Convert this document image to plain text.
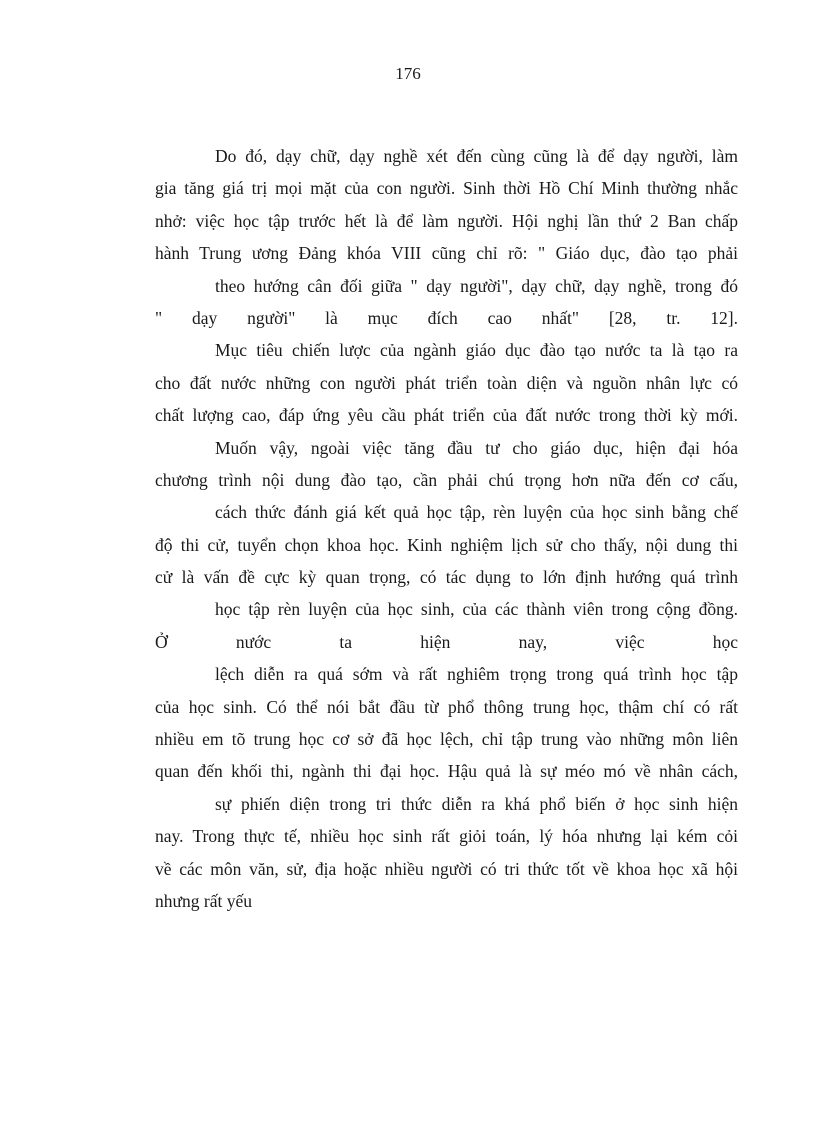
176
Do đó, dạy chữ, dạy nghề xét đến cùng cũng là để dạy người, làm
gia tăng giá trị mọi mặt của con người. Sinh thời Hồ Chí Minh thường nhắc
nhở: việc học tập trước hết là để làm người. Hội nghị lần thứ 2 Ban chấp
hành Trung ương Đảng khóa VIII cũng chỉ rõ: " Giáo dục, đào tạo phải
theo hướng cân đối giữa " dạy người", dạy chữ, dạy nghề, trong đó
" dạy người" là mục đích cao nhất" [28, tr. 12].
Mục tiêu chiến lược của ngành giáo dục đào tạo nước ta là tạo ra
cho đất nước những con người phát triển toàn diện và nguồn nhân lực có
chất lượng cao, đáp ứng yêu cầu phát triển của đất nước trong thời kỳ mới.
Muốn vậy, ngoài việc tăng đầu tư cho giáo dục, hiện đại hóa
chương trình nội dung đào tạo, cần phải chú trọng hơn nữa đến cơ cấu,
cách thức đánh giá kết quả học tập, rèn luyện của học sinh bằng chế
độ thi cử, tuyển chọn khoa học. Kinh nghiệm lịch sử cho thấy, nội dung thi
cử là vấn đề cực kỳ quan trọng, có tác dụng to lớn định hướng quá trình
học tập rèn luyện của học sinh, của các thành viên trong cộng đồng.
Ở nước ta hiện nay, việc học
lệch diễn ra quá sớm và rất nghiêm trọng trong quá trình học tập
của học sinh. Có thể nói bắt đầu từ phổ thông trung học, thậm chí có rất
nhiều em tõ trung học cơ sở đã học lệch, chỉ tập trung vào những môn liên
quan đến khối thi, ngành thi đại học. Hậu quả là sự méo mó về nhân cách,
sự phiến diện trong tri thức diễn ra khá phổ biến ở học sinh hiện
nay. Trong thực tế, nhiều học sinh rất giỏi toán, lý hóa nhưng lại kém cỏi
về các môn văn, sử, địa hoặc nhiều người có tri thức tốt về khoa học xã hội
nhưng rất yếu
